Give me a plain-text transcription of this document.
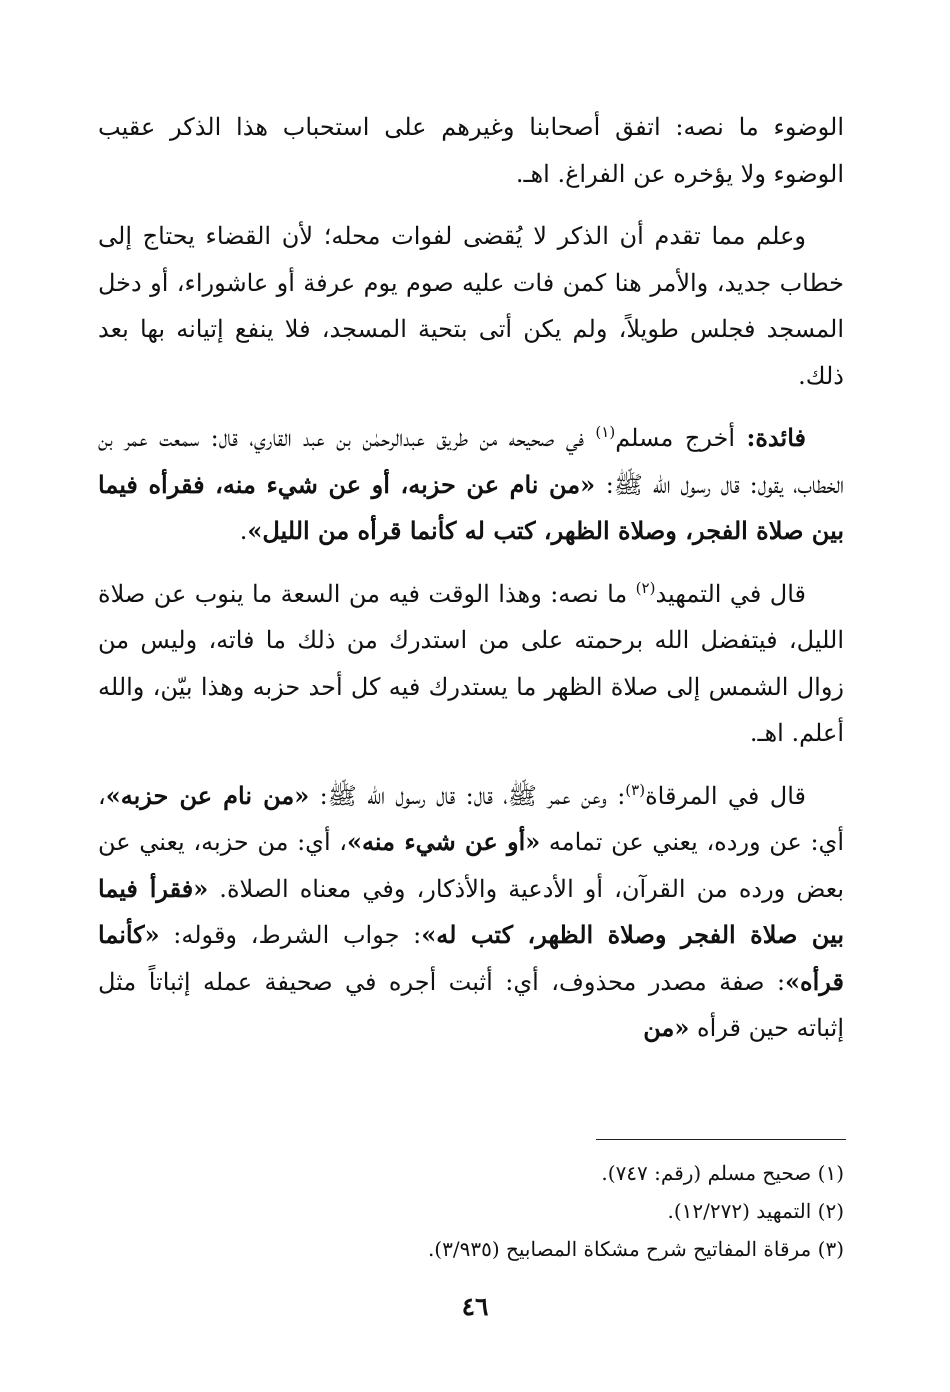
الوضوء ما نصه: اتفق أصحابنا وغيرهم على استحباب هذا الذكر عقيب الوضوء ولا يؤخره عن الفراغ. اهـ.

وعلم مما تقدم أن الذكر لا يُقضى لفوات محله؛ لأن القضاء يحتاج إلى خطاب جديد، والأمر هنا كمن فات عليه صوم يوم عرفة أو عاشوراء، أو دخل المسجد فجلس طويلاً، ولم يكن أتى بتحية المسجد، فلا ينفع إتيانه بها بعد ذلك.

فائدة: أخرج مسلم$^{(١)}$ في صحيحه من طريق عبدالرحمٰن بن عبد القاري، قال: سمعت عمر بن الخطاب، يقول: قال رسول الله ﷺ: «من نام عن حزبه، أو عن شيء منه، فقرأه فيما بين صلاة الفجر، وصلاة الظهر، كتب له كأنما قرأه من الليل».

قال في التمهيد$^{(٢)}$ ما نصه: وهذا الوقت فيه من السعة ما ينوب عن صلاة الليل، فيتفضل الله برحمته على من استدرك من ذلك ما فاته، وليس من زوال الشمس إلى صلاة الظهر ما يستدرك فيه كل أحد حزبه وهذا بيّن، والله أعلم. اهـ.

قال في المرقاة$^{(٣)}$: وعن عمر ﷺ، قال: قال رسول الله ﷺ: «من نام عن حزبه»، أي: عن ورده، يعني عن تمامه «أو عن شيء منه»، أي: من حزبه، يعني عن بعض ورده من القرآن، أو الأدعية والأذكار، وفي معناه الصلاة. «فقرأ فيما بين صلاة الفجر وصلاة الظهر، كتب له»: جواب الشرط، وقوله: «كأنما قرأه»: صفة مصدر محذوف، أي: أثبت أجره في صحيفة عمله إثباتاً مثل إثباته حين قرأه «من

(١) صحيح مسلم (رقم: ٧٤٧).

(٢) التمهيد (١٢/٢٧٢).

(٣) مرقاة المفاتيح شرح مشكاة المصابيح (٣/٩٣٥).

٤٦
